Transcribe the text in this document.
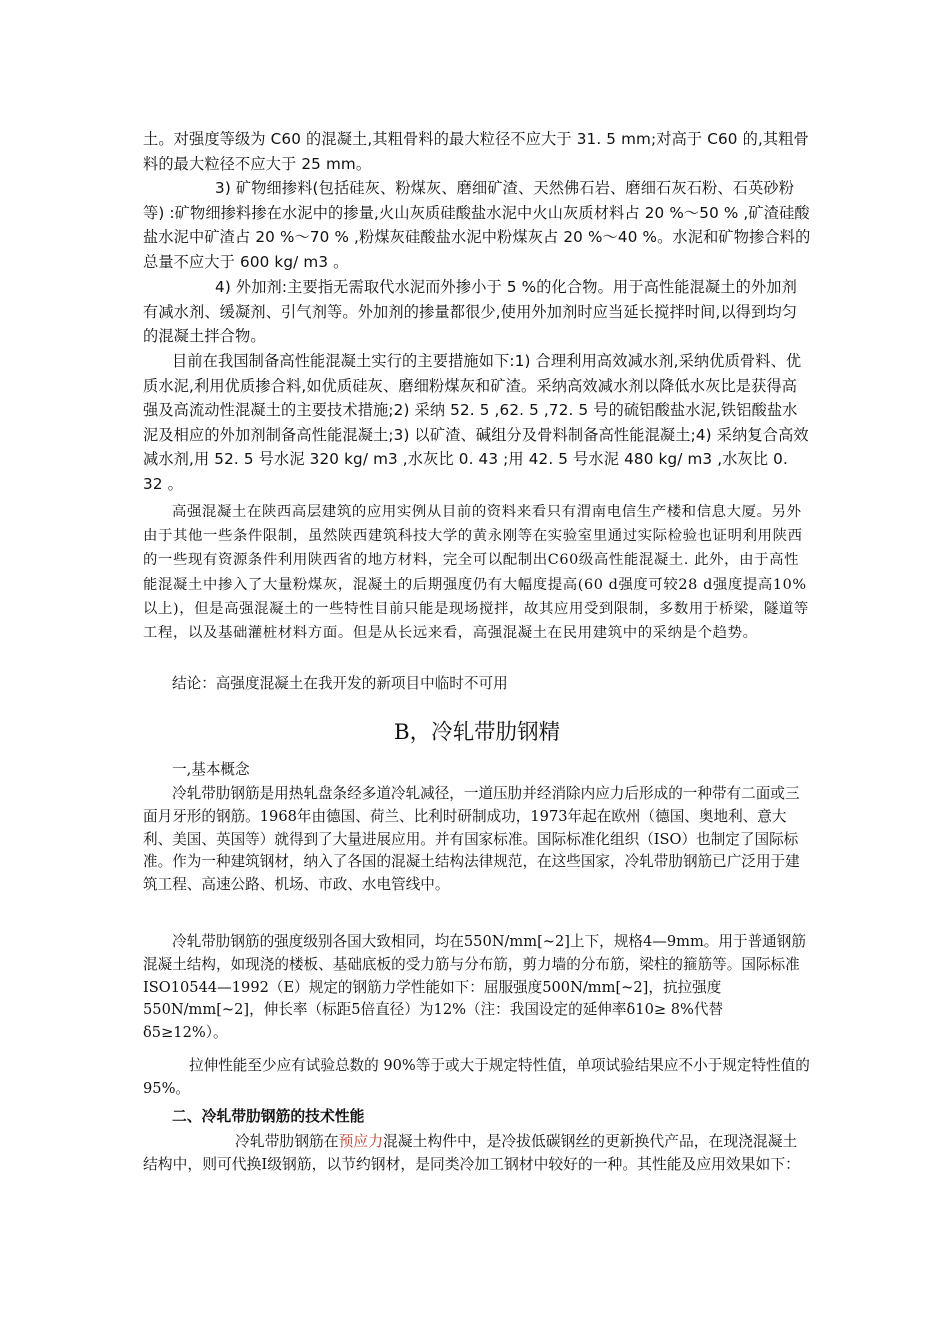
土。对强度等级为 C60 的混凝土,其粗骨料的最大粒径不应大于 31. 5 mm;对高于 C60 的,其粗骨料的最大粒径不应大于 25 mm。

3) 矿物细掺料(包括硅灰、粉煤灰、磨细矿渣、天然佛石岩、磨细石灰石粉、石英砂粉等) :矿物细掺料掺在水泥中的掺量,火山灰质硅酸盐水泥中火山灰质材料占 20 %～50 % ,矿渣硅酸盐水泥中矿渣占 20 %～70 % ,粉煤灰硅酸盐水泥中粉煤灰占 20 %～40 %。水泥和矿物掺合料的总量不应大于 600 kg/ m3 。

4) 外加剂:主要指无需取代水泥而外掺小于 5 %的化合物。用于高性能混凝土的外加剂有减水剂、缓凝剂、引气剂等。外加剂的掺量都很少,使用外加剂时应当延长搅拌时间,以得到均匀的混凝土拌合物。

目前在我国制备高性能混凝土实行的主要措施如下:1) 合理利用高效减水剂,采纳优质骨料、优质水泥,利用优质掺合料,如优质硅灰、磨细粉煤灰和矿渣。采纳高效减水剂以降低水灰比是获得高强及高流动性混凝土的主要技术措施;2) 采纳 52. 5 ,62. 5 ,72. 5 号的硫铝酸盐水泥,铁铝酸盐水泥及相应的外加剂制备高性能混凝土;3) 以矿渣、碱组分及骨料制备高性能混凝土;4) 采纳复合高效减水剂,用 52. 5 号水泥 320 kg/ m3 ,水灰比 0. 43 ;用 42. 5 号水泥 480 kg/ m3 ,水灰比 0. 32 。

高强混凝土在陕西高层建筑的应用实例从目前的资料来看只有渭南电信生产楼和信息大厦。另外由于其他一些条件限制，虽然陕西建筑科技大学的黄永刚等在实验室里通过实际检验也证明利用陕西的一些现有资源条件利用陕西省的地方材料，完全可以配制出C60级高性能混凝土. 此外，由于高性能混凝土中掺入了大量粉煤灰，混凝土的后期强度仍有大幅度提高(60 d强度可较28 d强度提高10%以上)，但是高强混凝土的一些特性目前只能是现场搅拌，故其应用受到限制，多数用于桥梁，隧道等工程，以及基础灌桩材料方面。但是从长远来看，高强混凝土在民用建筑中的采纳是个趋势。

结论：高强度混凝土在我开发的新项目中临时不可用

B，冷轧带肋钢精

一,基本概念

冷轧带肋钢筋是用热轧盘条经多道冷轧减径，一道压肋并经消除内应力后形成的一种带有二面或三面月牙形的钢筋。1968年由德国、荷兰、比利时研制成功，1973年起在欧州（德国、奥地利、意大利、美国、英国等）就得到了大量进展应用。并有国家标准。国际标准化组织（ISO）也制定了国际标准。作为一种建筑钢材，纳入了各国的混凝土结构法律规范，在这些国家，冷轧带肋钢筋已广泛用于建筑工程、高速公路、机场、市政、水电管线中。

冷轧带肋钢筋的强度级别各国大致相同，均在550N/mm[~2]上下，规格4—9mm。用于普通钢筋混凝土结构，如现浇的楼板、基础底板的受力筋与分布筋，剪力墙的分布筋，梁柱的箍筋等。国际标准ISO10544—1992（E）规定的钢筋力学性能如下：屈服强度500N/mm[~2]，抗拉强度550N/mm[~2]，伸长率（标距5倍直径）为12%（注：我国设定的延伸率δ10≥ 8%代替 δ5≥12%）。

拉伸性能至少应有试验总数的 90%等于或大于规定特性值，单项试验结果应不小于规定特性值的95%。

二、冷轧带肋钢筋的技术性能

冷轧带肋钢筋在预应力混凝土构件中，是冷拔低碳钢丝的更新换代产品，在现浇混凝土结构中，则可代换Ⅰ级钢筋，以节约钢材，是同类冷加工钢材中较好的一种。其性能及应用效果如下：
